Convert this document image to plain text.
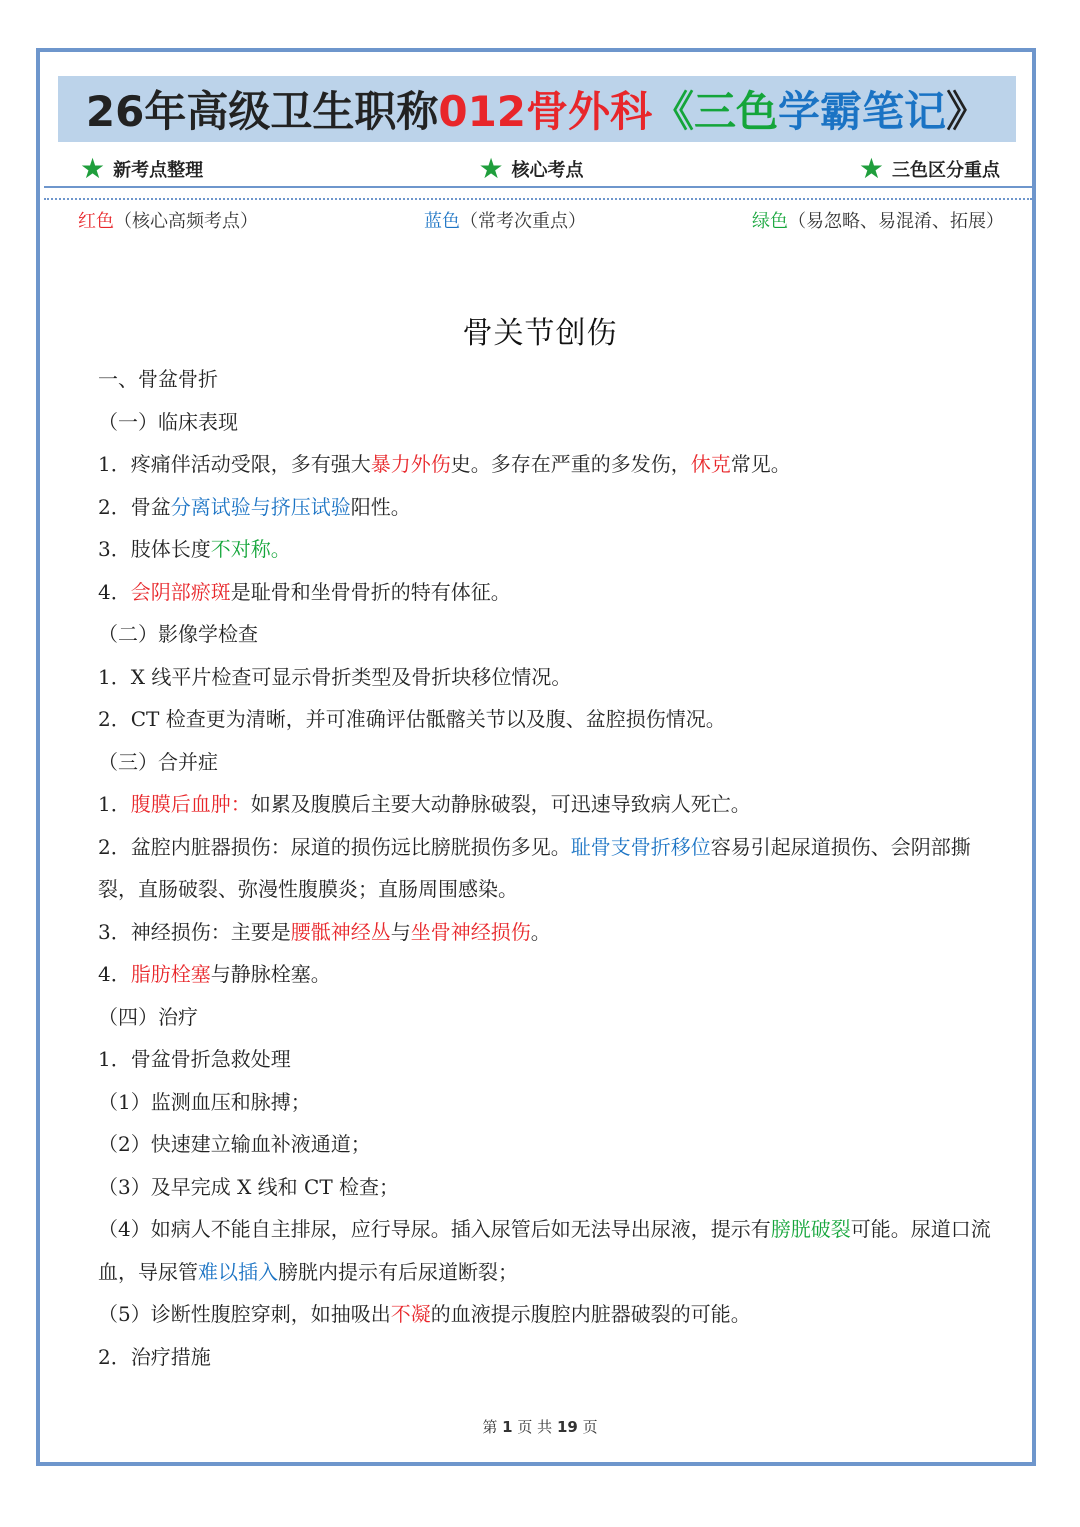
26年高级卫生职称 012骨外科 《三色 学霸笔记 》
★ 新考点整理	★ 核心考点	★ 三色区分重点
红色（核心高频考点）	蓝色（常考次重点）	绿色（易忽略、易混淆、拓展）
骨关节创伤

一、骨盆骨折

（一）临床表现

1．疼痛伴活动受限，多有强大暴力外伤史。多存在严重的多发伤，休克常见。

2．骨盆分离试验与挤压试验阳性。

3．肢体长度不对称。

4．会阴部瘀斑是耻骨和坐骨骨折的特有体征。

（二）影像学检查

1．X 线平片检查可显示骨折类型及骨折块移位情况。

2．CT 检查更为清晰，并可准确评估骶髂关节以及腹、盆腔损伤情况。

（三）合并症

1．腹膜后血肿：如累及腹膜后主要大动静脉破裂，可迅速导致病人死亡。

2．盆腔内脏器损伤：尿道的损伤远比膀胱损伤多见。耻骨支骨折移位容易引起尿道损伤、会阴部撕裂，直肠破裂、弥漫性腹膜炎；直肠周围感染。

3．神经损伤：主要是腰骶神经丛与坐骨神经损伤。

4．脂肪栓塞与静脉栓塞。

（四）治疗

1．骨盆骨折急救处理

（1）监测血压和脉搏；

（2）快速建立输血补液通道；

（3）及早完成 X 线和 CT 检查；

（4）如病人不能自主排尿，应行导尿。插入尿管后如无法导出尿液，提示有膀胱破裂可能。尿道口流血，导尿管难以插入膀胱内提示有后尿道断裂；

（5）诊断性腹腔穿刺，如抽吸出不凝的血液提示腹腔内脏器破裂的可能。

2．治疗措施

第 1 页 共 19 页
